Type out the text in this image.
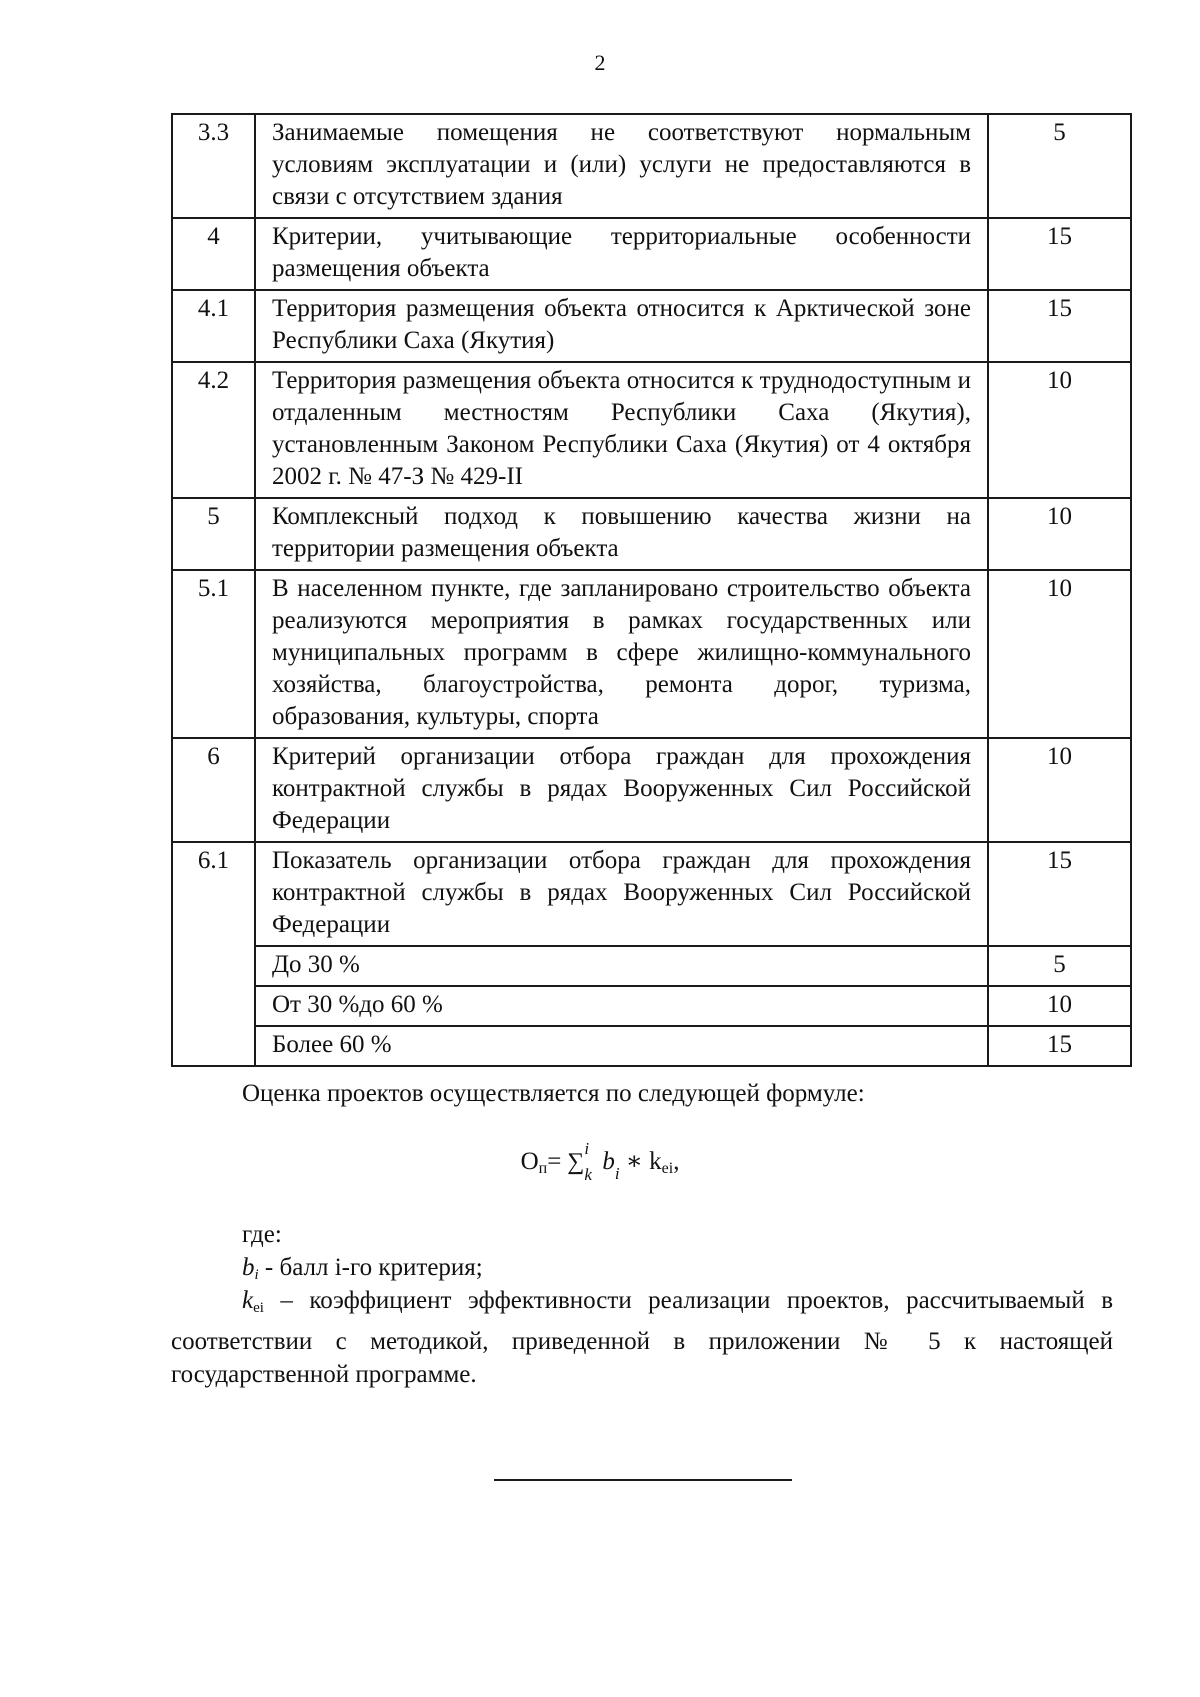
2
3.3	Занимаемые помещения не соответствуют нормальным условиям эксплуатации и (или) услуги не предоставляются в связи с отсутствием здания	5
4	Критерии, учитывающие территориальные особенности размещения объекта	15
4.1	Территория размещения объекта относится к Арктической зоне Республики Саха (Якутия)	15
4.2	Территория размещения объекта относится к труднодоступным и отдаленным местностям Республики Саха (Якутия), установленным Законом Республики Саха (Якутия) от 4 октября 2002 г. № 47-З № 429-II	10
5	Комплексный подход к повышению качества жизни на территории размещения объекта	10
5.1	В населенном пункте, где запланировано строительство объекта реализуются мероприятия в рамках государственных или муниципальных программ в сфере жилищно-коммунального хозяйства, благоустройства, ремонта дорог, туризма, образования, культуры, спорта	10
6	Критерий организации отбора граждан для прохождения контрактной службы в рядах Вооруженных Сил Российской Федерации	10
6.1	Показатель организации отбора граждан для прохождения контрактной службы в рядах Вооруженных Сил Российской Федерации	15
	До 30 %	5
	От 30 %до 60 %	10
	Более 60 %	15
Оценка проектов осуществляется по следующей формуле:
Оп= ∑
i
k $b_i$ ∗ kei,
где:
bi - балл i-го критерия;
$k_{ei}$ – коэффициент эффективности реализации проектов, рассчитываемый в соответствии с методикой, приведенной в приложении № 5 к настоящей государственной программе.
